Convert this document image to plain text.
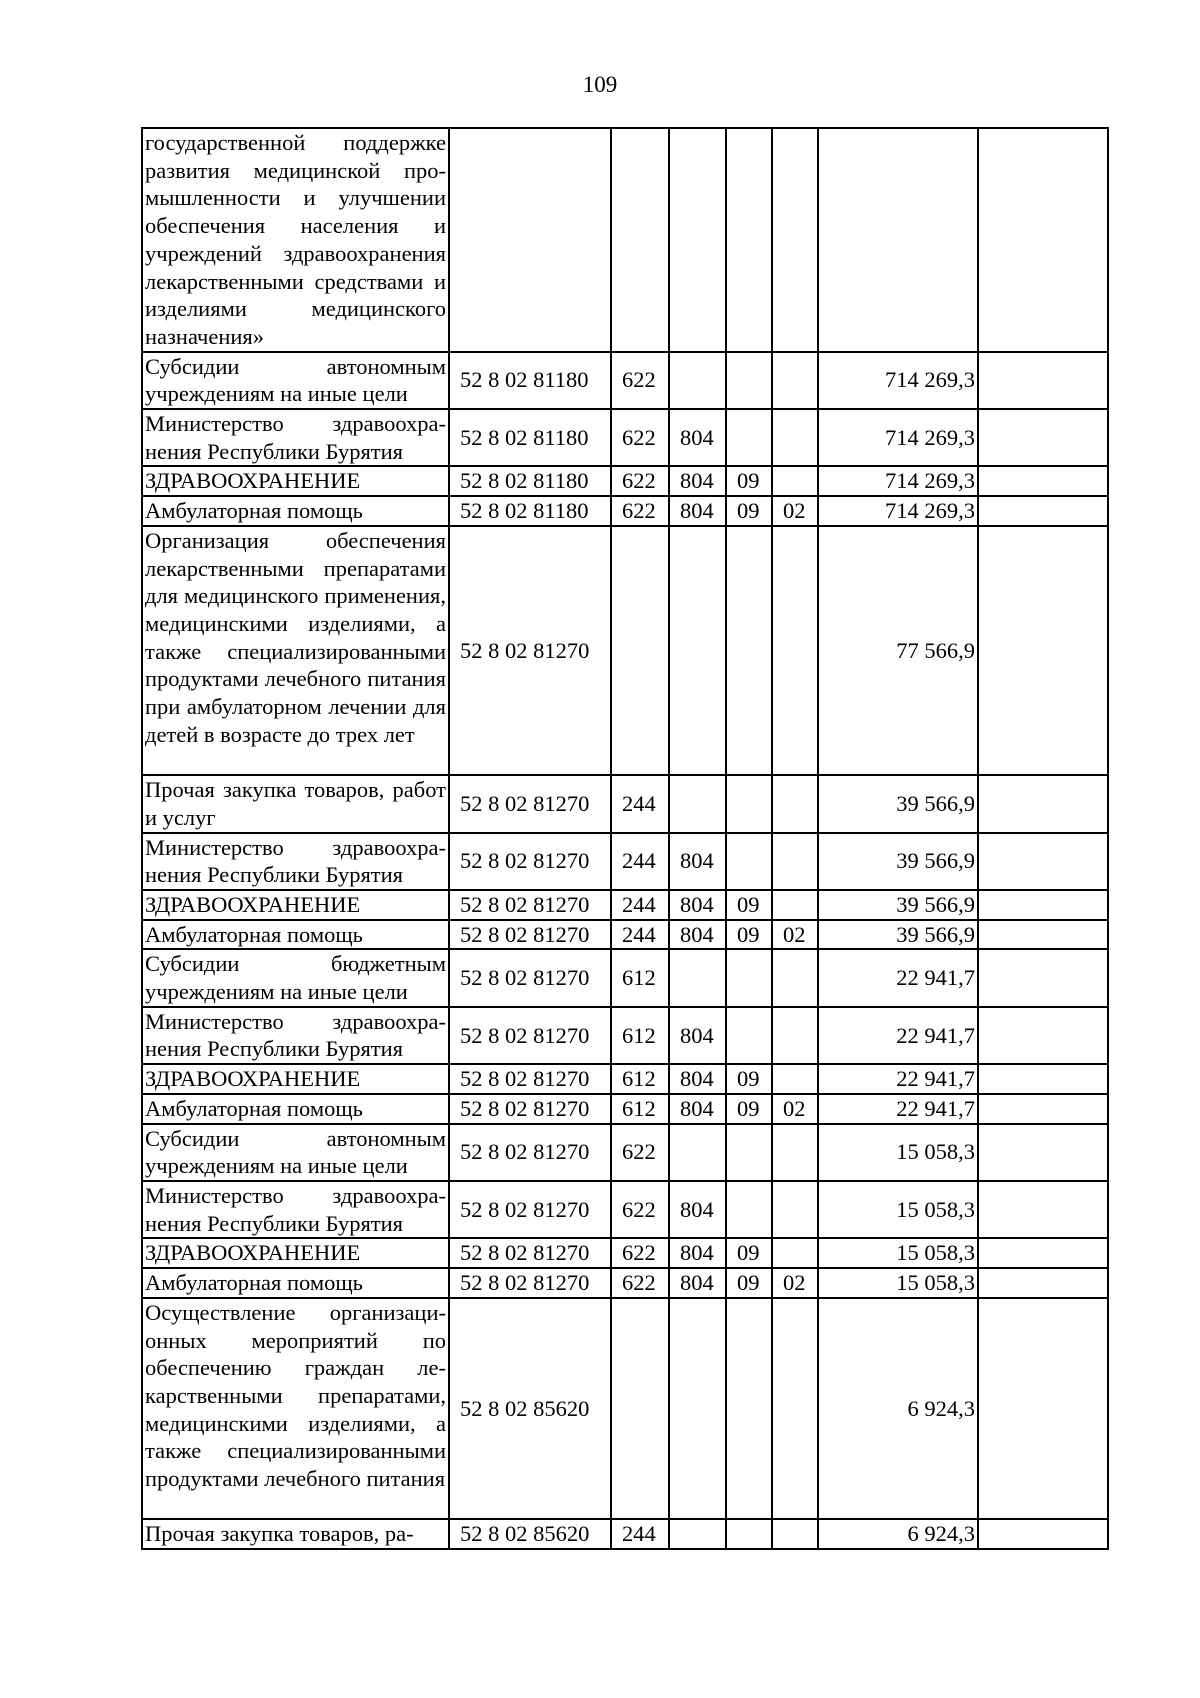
109
государственной поддержке развития медицинской промышленности и улучшении обеспечения населения и учреждений здравоохранения лекарственными средствами и изделиями медицинского назначения»							
Субсидии автономным учреждениям на иные цели	52 8 02 81180	622				714 269,3	
Министерство здравоохранения Республики Бурятия	52 8 02 81180	622	804			714 269,3	
ЗДРАВООХРАНЕНИЕ	52 8 02 81180	622	804	09		714 269,3	
Амбулаторная помощь	52 8 02 81180	622	804	09	02	714 269,3	
Организация обеспечения лекарственными препаратами для медицинского применения, медицинскими изделиями, а также специализированными продуктами лечебного питания при амбулаторном лечении для детей в возрасте до трех лет	52 8 02 81270					77 566,9	
Прочая закупка товаров, работ и услуг	52 8 02 81270	244				39 566,9	
Министерство здравоохранения Республики Бурятия	52 8 02 81270	244	804			39 566,9	
ЗДРАВООХРАНЕНИЕ	52 8 02 81270	244	804	09		39 566,9	
Амбулаторная помощь	52 8 02 81270	244	804	09	02	39 566,9	
Субсидии бюджетным учреждениям на иные цели	52 8 02 81270	612				22 941,7	
Министерство здравоохранения Республики Бурятия	52 8 02 81270	612	804			22 941,7	
ЗДРАВООХРАНЕНИЕ	52 8 02 81270	612	804	09		22 941,7	
Амбулаторная помощь	52 8 02 81270	612	804	09	02	22 941,7	
Субсидии автономным учреждениям на иные цели	52 8 02 81270	622				15 058,3	
Министерство здравоохранения Республики Бурятия	52 8 02 81270	622	804			15 058,3	
ЗДРАВООХРАНЕНИЕ	52 8 02 81270	622	804	09		15 058,3	
Амбулаторная помощь	52 8 02 81270	622	804	09	02	15 058,3	
Осуществление организационных мероприятий по обеспечению граждан лекарственными препаратами, медицинскими изделиями, а также специализированными продуктами лечебного питания	52 8 02 85620					6 924,3	
Прочая закупка товаров, ра-	52 8 02 85620	244				6 924,3	
